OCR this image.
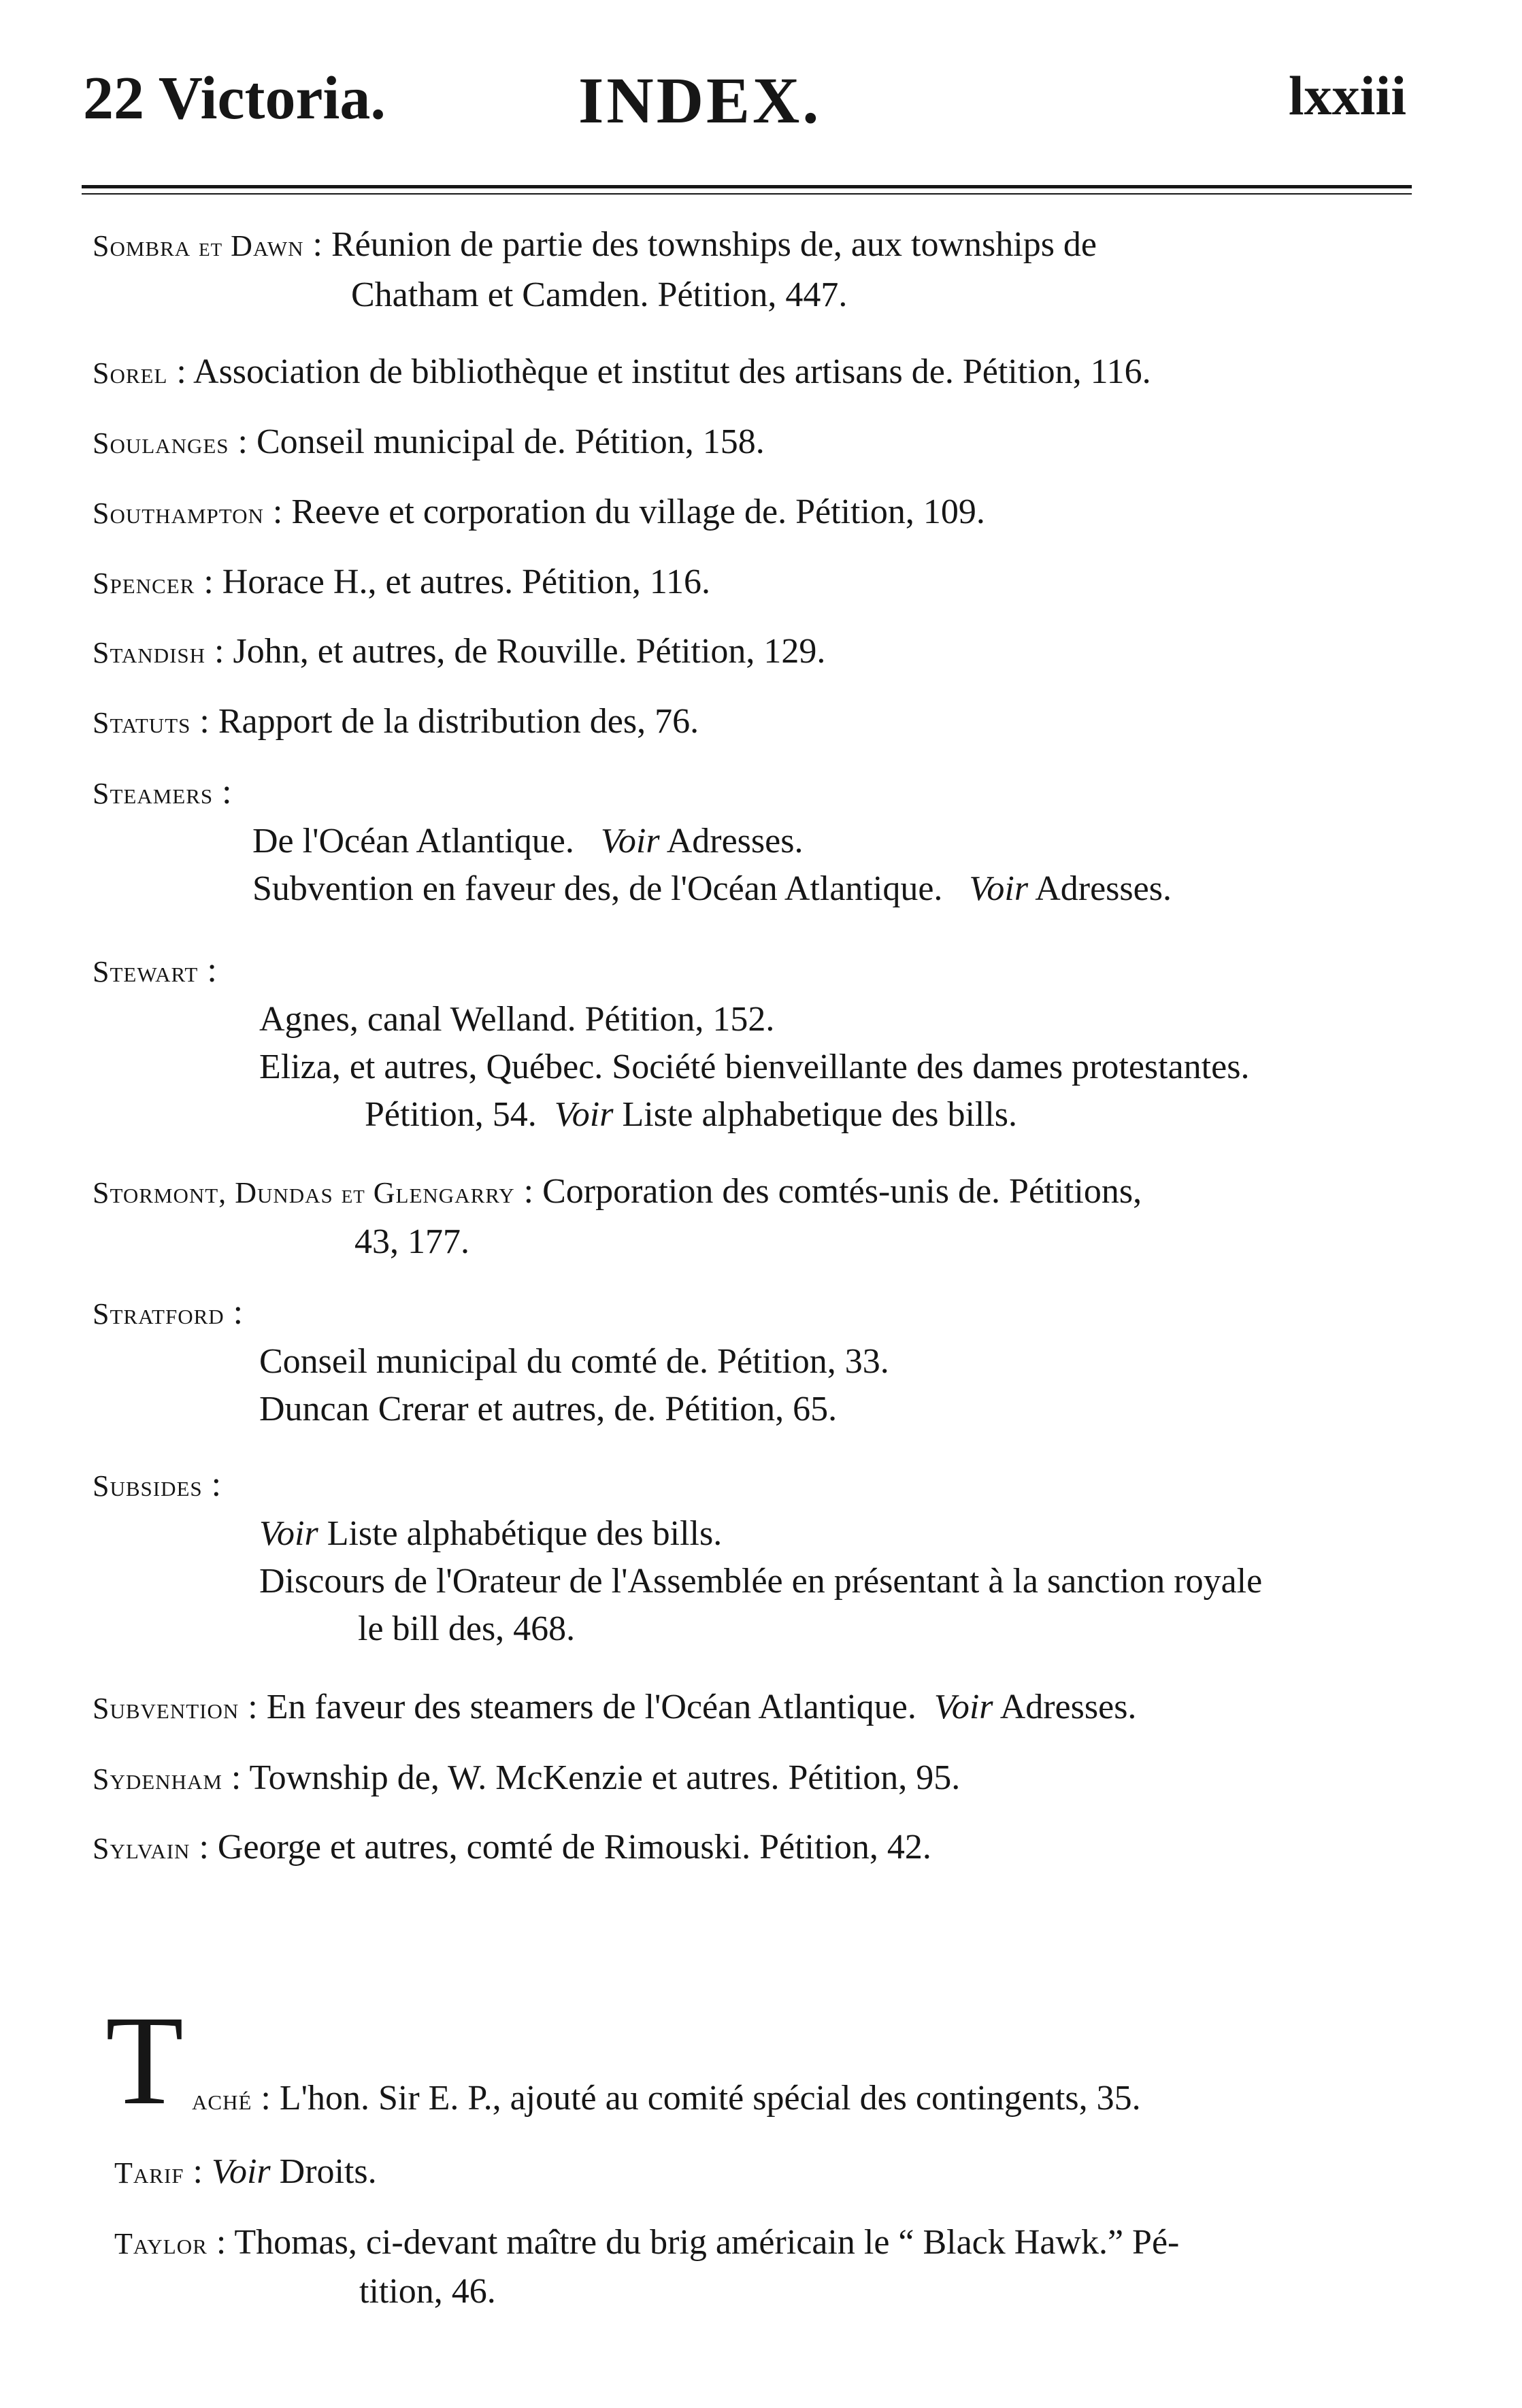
22 Victoria.	INDEX.	lxxiii
Sombra et Dawn : Réunion de partie des townships de, aux townships de
Chatham et Camden. Pétition, 447.
Sorel : Association de bibliothèque et institut des artisans de. Pétition, 116.
Soulanges : Conseil municipal de. Pétition, 158.
Southampton : Reeve et corporation du village de. Pétition, 109.
Spencer : Horace H., et autres. Pétition, 116.
Standish : John, et autres, de Rouville. Pétition, 129.
Statuts : Rapport de la distribution des, 76.
Steamers :
De l'Océan Atlantique. Voir Adresses.
Subvention en faveur des, de l'Océan Atlantique. Voir Adresses.
Stewart :
Agnes, canal Welland. Pétition, 152.
Eliza, et autres, Québec. Société bienveillante des dames protestantes.
Pétition, 54. Voir Liste alphabetique des bills.
Stormont, Dundas et Glengarry : Corporation des comtés-unis de. Pétitions,
43, 177.
Stratford :
Conseil municipal du comté de. Pétition, 33.
Duncan Crerar et autres, de. Pétition, 65.
Subsides :
Voir Liste alphabétique des bills.
Discours de l'Orateur de l'Assemblée en présentant à la sanction royale
le bill des, 468.
Subvention : En faveur des steamers de l'Océan Atlantique. Voir Adresses.
Sydenham : Township de, W. McKenzie et autres. Pétition, 95.
Sylvain : George et autres, comté de Rimouski. Pétition, 42.
T aché : L'hon. Sir E. P., ajouté au comité spécial des contingents, 35.
Tarif : Voir Droits.
Taylor : Thomas, ci-devant maître du brig américain le “ Black Hawk.” Pé-
tition, 46.
